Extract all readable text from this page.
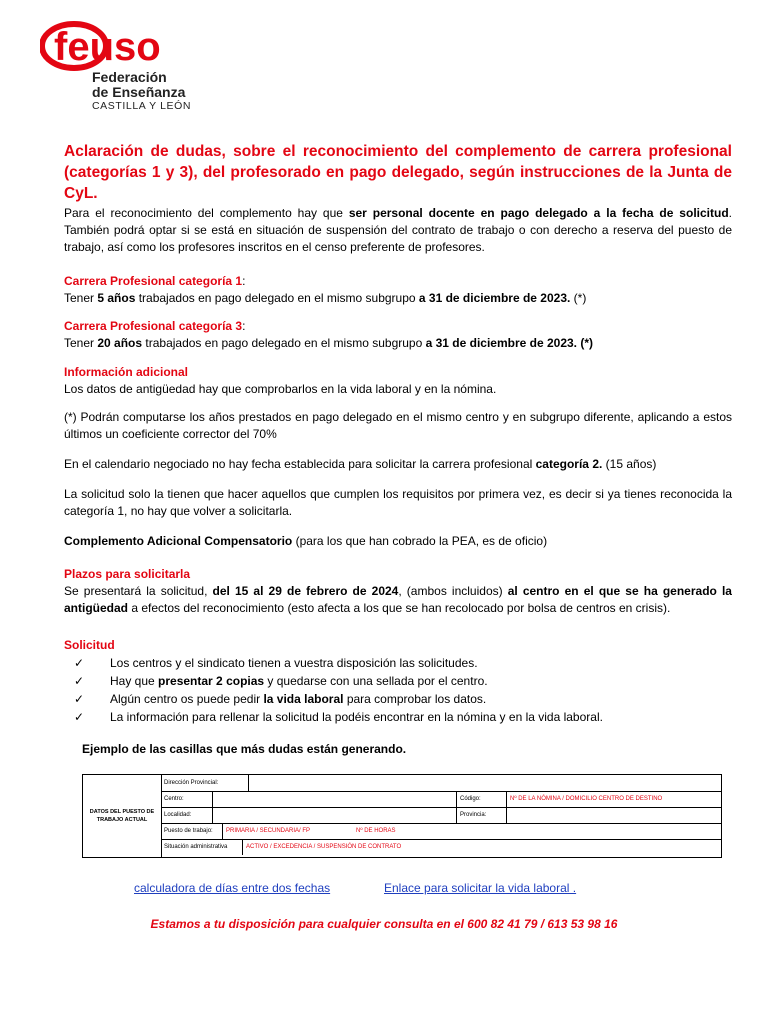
feuso
Federación
de Enseñanza
CASTILLA Y LEÓN
Aclaración de dudas, sobre el reconocimiento del complemento de carrera profesional (categorías 1 y 3), del profesorado en pago delegado, según instrucciones de la Junta de CyL.
Para el reconocimiento del complemento hay que ser personal docente en pago delegado a la fecha de solicitud. También podrá optar si se está en situación de suspensión del contrato de trabajo o con derecho a reserva del puesto de trabajo, así como los profesores inscritos en el censo preferente de profesores.
Carrera Profesional categoría 1:
Tener 5 años trabajados en pago delegado en el mismo subgrupo a 31 de diciembre de 2023. (*)
Carrera Profesional categoría 3:
Tener 20 años trabajados en pago delegado en el mismo subgrupo a 31 de diciembre de 2023. (*)
Información adicional
Los datos de antigüedad hay que comprobarlos en la vida laboral y en la nómina.
(*) Podrán computarse los años prestados en pago delegado en el mismo centro y en subgrupo diferente, aplicando a estos últimos un coeficiente corrector del 70%
En el calendario negociado no hay fecha establecida para solicitar la carrera profesional categoría 2. (15 años)
La solicitud solo la tienen que hacer aquellos que cumplen los requisitos por primera vez, es decir si ya tienes reconocida la categoría 1, no hay que volver a solicitarla.
Complemento Adicional Compensatorio (para los que han cobrado la PEA, es de oficio)
Plazos para solicitarla
Se presentará la solicitud, del 15 al 29 de febrero de 2024, (ambos incluidos) al centro en el que se ha generado la antigüedad a efectos del reconocimiento (esto afecta a los que se han recolocado por bolsa de centros en crisis).
Solicitud
✓	Los centros y el sindicato tienen a vuestra disposición las solicitudes.
✓	Hay que presentar 2 copias y quedarse con una sellada por el centro.
✓	Algún centro os puede pedir la vida laboral para comprobar los datos.
✓	La información para rellenar la solicitud la podéis encontrar en la nómina y en la vida laboral.
Ejemplo de las casillas que más dudas están generando.
DATOS DEL PUESTO DE TRABAJO ACTUAL
Dirección Provincial:
Centro:	Código:	Nº DE LA NÓMINA / DOMICILIO CENTRO DE DESTINO
Localidad:	Provincia:
Puesto de trabajo:	PRIMARIA / SECUNDARIA/ FP	Nº DE HORAS
Situación administrativa	ACTIVO / EXCEDENCIA / SUSPENSIÓN DE CONTRATO
calculadora de días entre dos fechas	Enlace para solicitar la vida laboral .
Estamos a tu disposición para cualquier consulta en el 600 82 41 79 / 613 53 98 16
